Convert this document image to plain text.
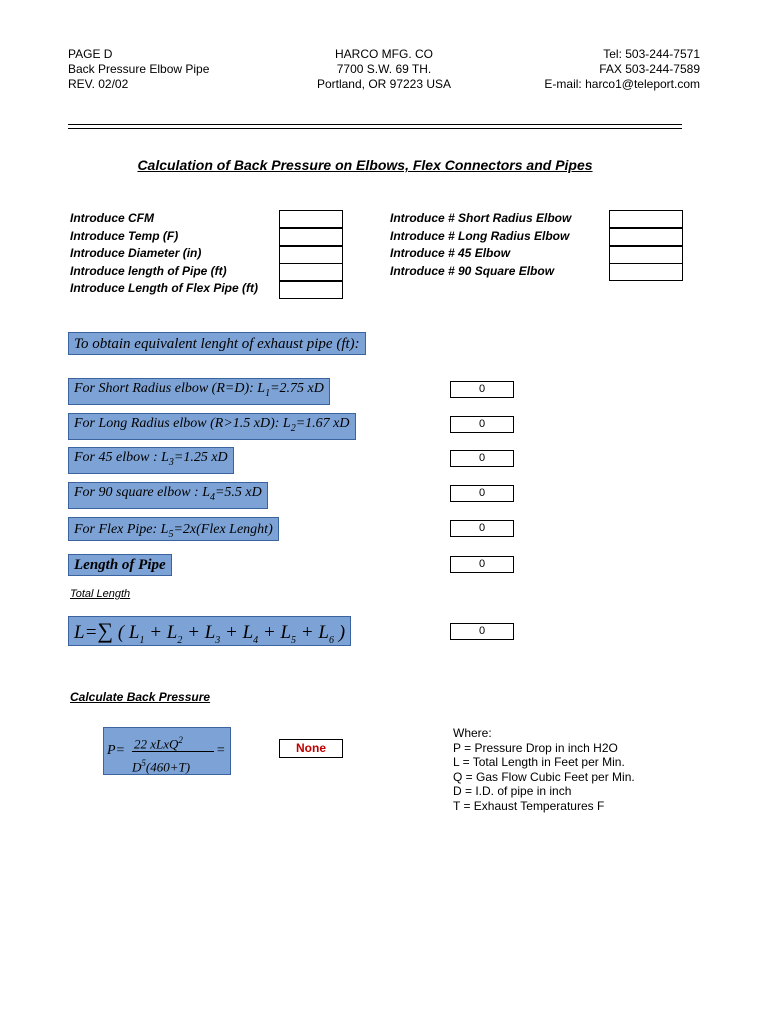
PAGE D
Back Pressure Elbow Pipe
REV. 02/02
HARCO MFG. CO
7700 S.W. 69 TH.
Portland, OR 97223 USA
Tel: 503-244-7571
FAX 503-244-7589
E-mail: harco1@teleport.com
Calculation of Back Pressure on Elbows, Flex Connectors and Pipes
Introduce CFM
Introduce Temp (F)
Introduce Diameter (in)
Introduce length of Pipe (ft)
Introduce Length of Flex Pipe (ft)
Introduce # Short Radius Elbow
Introduce # Long Radius Elbow
Introduce # 45 Elbow
Introduce # 90 Square Elbow
To obtain equivalent lenght of exhaust pipe (ft):
For Short Radius elbow (R=D): $L_1=2.75$ xD	0
For Long Radius elbow (R>1.5 xD): $L_2=1.67$ xD	0
For 45 elbow : $L_3=1.25$ xD	0
For 90 square elbow : $L_4=5.5$ xD	0
For Flex Pipe: $L_5=2x(Flex$ Lenght)	0
Length of Pipe	0
Total Length
L=∑ ( $L_1 + L_2 + L_3 + L_4 + L_5 + L_6$ )	0
Calculate Back Pressure
P= 22 xLxQ$^2$
$D^5(460+T)$
=	None
Where:
P = Pressure Drop in inch H2O
L = Total Length in Feet per Min.
Q = Gas Flow Cubic Feet per Min.
D = I.D. of pipe in inch
T = Exhaust Temperatures F
